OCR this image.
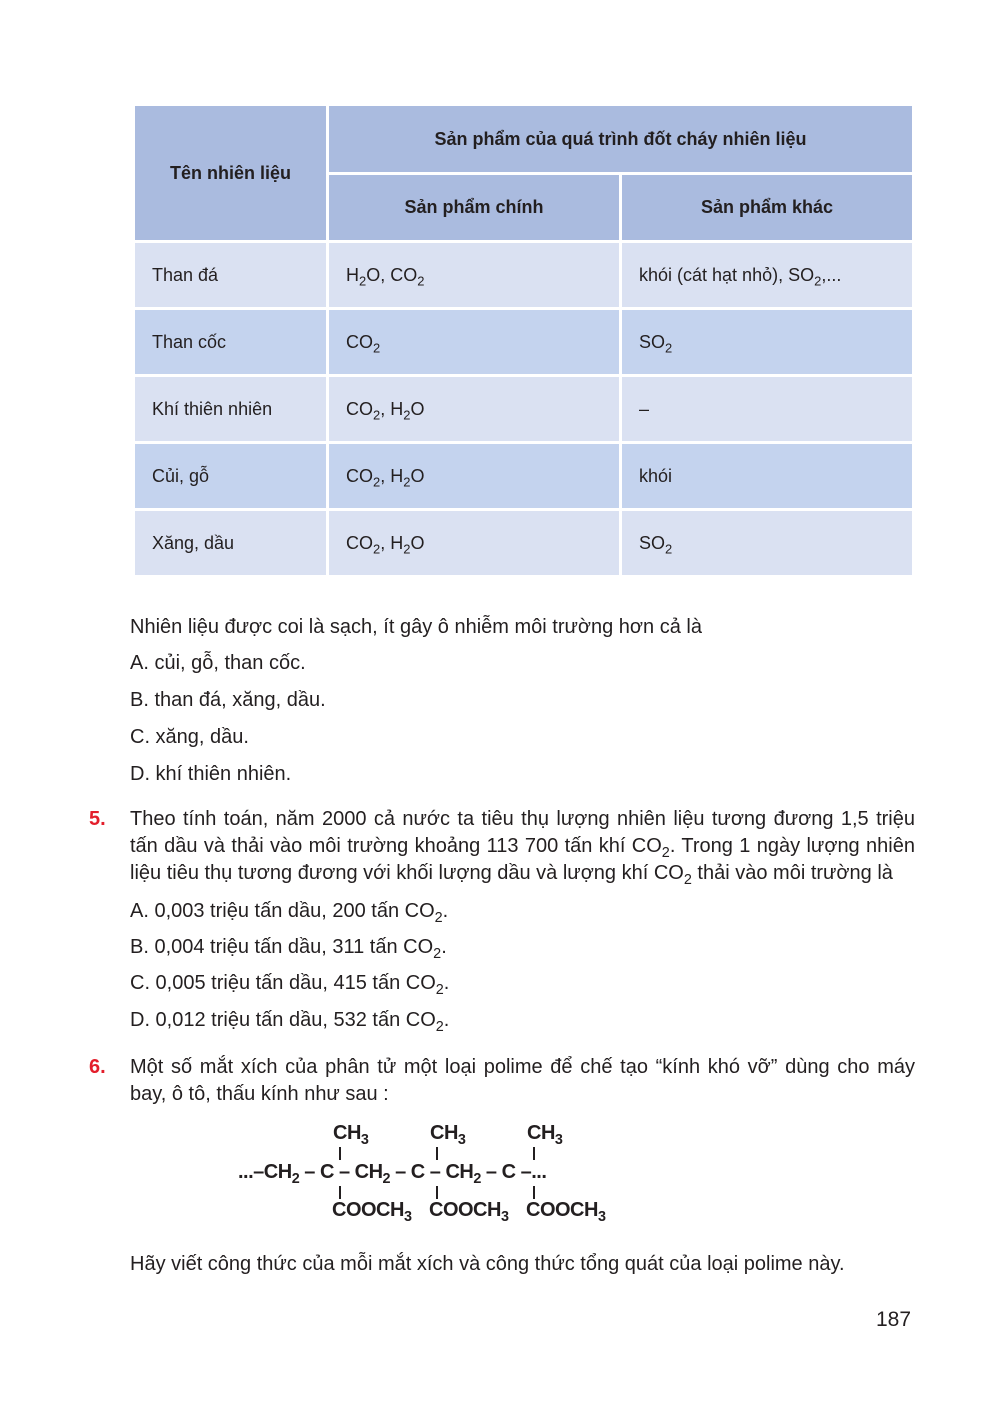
Tên nhiên liệu	Sản phẩm của quá trình đốt cháy nhiên liệu	
	Sản phẩm chính	Sản phẩm khác
Than đá	$H_2O$, $CO_2$	khói (cát hạt nhỏ), $SO_2$,...
Than cốc	$CO_2$	$SO_2$
Khí thiên nhiên	$CO_2$, $H_2O$	–
Củi, gỗ	$CO_2$, $H_2O$	khói
Xăng, dầu	$CO_2$, $H_2O$	$SO_2$

Nhiên liệu được coi là sạch, ít gây ô nhiễm môi trường hơn cả là

A. củi, gỗ, than cốc.

B. than đá, xăng, dầu.

C. xăng, dầu.

D. khí thiên nhiên.

5. Theo tính toán, năm 2000 cả nước ta tiêu thụ lượng nhiên liệu tương đương 1,5 triệu tấn dầu và thải vào môi trường khoảng 113 700 tấn khí $CO_2$. Trong 1 ngày lượng nhiên liệu tiêu thụ tương đương với khối lượng dầu và lượng khí $CO_2$ thải vào môi trường là

A. 0,003 triệu tấn dầu, 200 tấn $CO_2$.

B. 0,004 triệu tấn dầu, 311 tấn $CO_2$.

C. 0,005 triệu tấn dầu, 415 tấn $CO_2$.

D. 0,012 triệu tấn dầu, 532 tấn $CO_2$.

6. Một số mắt xích của phân tử một loại polime để chế tạo “kính khó vỡ” dùng cho máy bay, ô tô, thấu kính như sau :

$CH_3$	$CH_3$	$CH_3$
$...-CH_2$ – C – $CH_2$ – C – $CH_2$ – C –...
$COOCH_3$ $COOCH_3$ $COOCH_3$

Hãy viết công thức của mỗi mắt xích và công thức tổng quát của loại polime này.

187
